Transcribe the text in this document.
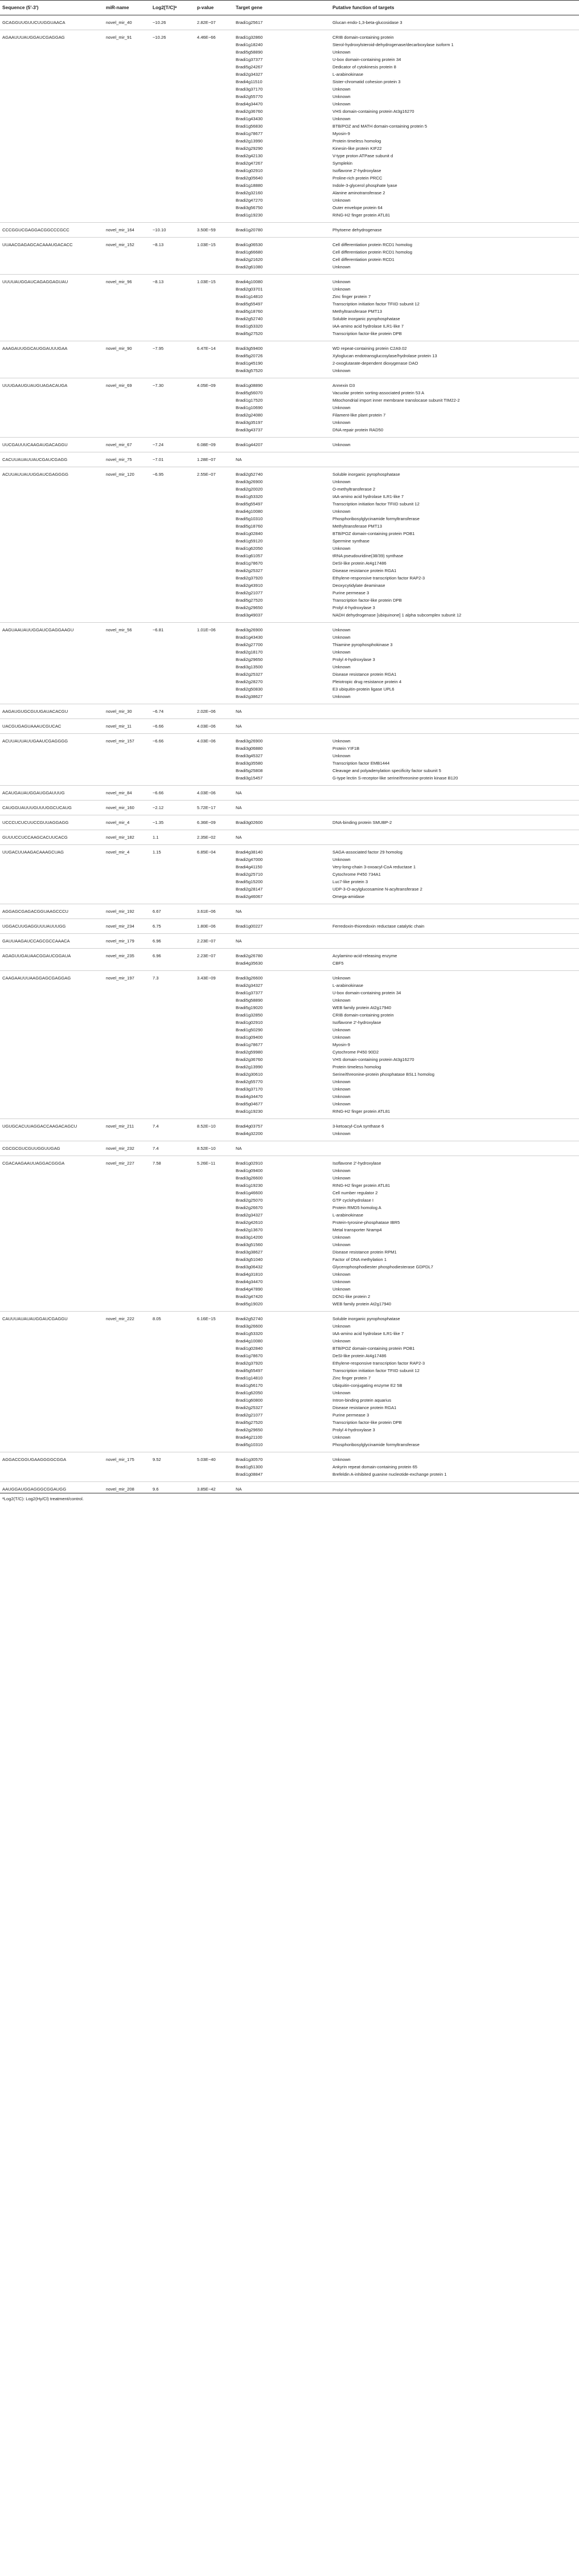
Sequence (5′-3′)	miR-name	Log2[T/C]ᵃ	p-value	Target gene	Putative function of targets
GCAGGUUGUUCUUGGUAACA	novel_mir_40	−10.26	2.82E−07	Bradi1g25617	Glucan endo-1,3-beta-glucosidase 3
AGAAUUUAUGGAUCGAGGAG	novel_mir_91	−10.26	4.46E−66	Bradi1g32860	CRIB domain-containing protein
				Bradi1g18240	Sterol-hydroxylsteroid-dehydrogenase/decarboxylase isoform 1
				Bradi5g58890	Unknown
				Bradi1g37377	U-box domain-containing protein 34
				Bradi5g24267	Dedicator of cytokinesis protein 8
				Bradi2g34327	L-arabinokinase
				Bradi4g11510	Sister-chromatid cohesion protein 3
				Bradi3g37170	Unknown
				Bradi2g55770	Unknown
				Bradi4g34470	Unknown
				Bradi2g36760	VHS domain-containing protein At3g16270
				Bradi1g43430	Unknown
				Bradi1g56830	BTB/POZ and MATH domain-containing protein 5
				Bradi1g78677	Myosin-9
				Bradi2g13990	Protein timeless homolog
				Bradi2g29290	Kinesin-like protein KIF22
				Bradi2g42130	V-type proton ATPase subunit d
				Bradi2g47267	Symplekin
				Bradi1g02910	Isoflavone 2′-hydroxylase
				Bradi2g05640	Proline-rich protein PRCC
				Bradi1g18880	Indole-3-glycerol phosphate lyase
				Bradi2g32160	Alanine aminotransferase 2
				Bradi2g47270	Unknown
				Bradi3g56750	Outer envelope protein 64
				Bradi1g19230	RING-H2 finger protein ATL81
CCCGGUCGAGGACGGCCCGCC	novel_mir_164	−10.10	3.50E−59	Bradi1g20780	Phytoene dehydrogenase
UUAACGAGAGCACAAAUGACACC	novel_mir_152	−8.13	1.03E−15	Bradi1g06530	Cell differentiation protein RCD1 homolog
				Bradi1g66680	Cell differentiation protein RCD1 homolog
				Bradi2g21620	Cell differentiation protein RCD1
				Bradi2g61080	Unknown
UUUUAUGGAUCAGAGGAGUAU	novel_mir_96	−8.13	1.03E−15	Bradi4g10080	Unknown
				Bradi2g03701	Unknown
				Bradi1g14810	Zinc finger protein 7
				Bradi5g55497	Transcription initiation factor TFIID subunit 12
				Bradi5g18760	Methyltransferase PMT13
				Bradi2g52740	Soluble inorganic pyrophosphatase
				Bradi1g53320	IAA-amino acid hydrolase ILR1-like 7
				Bradi5g27520	Transcription factor-like protein DPB
AAAGAUUGGCAUGGAUUUGAA	novel_mir_90	−7.95	6.47E−14	Bradi3g59400	WD repeat-containing protein C2A9.02
				Bradi5g20726	Xyloglucan endotransglucosylase/hydrolase protein 13
				Bradi1g45190	2-oxoglutarate-dependent dioxygenase DAO
				Bradi3g57520	Unknown
UUUGAAUGUAUGUAGACAUGA	novel_mir_69	−7.30	4.05E−09	Bradi1g08890	Annexin D3
				Bradi5g56070	Vacuolar protein sorting-associated protein 53 A
				Bradi1g17520	Mitochondrial import inner membrane translocase subunit TIM22-2
				Bradi1g10690	Unknown
				Bradi2g24080	Filament-like plant protein 7
				Bradi3g35197	Unknown
				Bradi3g43737	DNA repair protein RAD50
UUCGAUUUCAAGAUGACAGGU	novel_mir_67	−7.24	6.08E−09	Bradi1g44207	Unknown
CACUUAUAUUAUCGAUCGAGG	novel_mir_75	−7.01	1.28E−07	NA	
ACUUAUUAUUGGAUCGAGGGG	novel_mir_120	−6.95	2.55E−07	Bradi2g52740	Soluble inorganic pyrophosphatase
				Bradi3g26900	Unknown
				Bradi2g20020	O-methyltransferase 2
				Bradi1g53320	IAA-amino acid hydrolase ILR1-like 7
				Bradi5g55497	Transcription initiation factor TFIID subunit 12
				Bradi4g10080	Unknown
				Bradi5g10310	Phosphoribosylglycinamide formyltransferase
				Bradi5g18760	Methyltransferase PMT13
				Bradi1g02840	BTB/POZ domain-containing protein POB1
				Bradi1g59120	Spermine synthase
				Bradi1g62050	Unknown
				Bradi1g61057	tRNA pseudouridine(38/39) synthase
				Bradi1g78670	DeSI-like protein At4g17486
				Bradi2g25327	Disease resistance protein RGA1
				Bradi2g37920	Ethylene-responsive transcription factor RAP2-3
				Bradi2g43910	Deoxycytidylate deaminase
				Bradi2g21077	Purine permease 3
				Bradi5g27520	Transcription factor-like protein DPB
				Bradi2g29650	Prolyl 4-hydroxylase 3
				Bradi3g49037	NADH dehydrogenase [ubiquinone] 1 alpha subcomplex subunit 12
AAGUAAUAUUGGAUCGAGGAAGU	novel_mir_56	−6.81	1.01E−06	Bradi3g26900	Unknown
				Bradi1g43430	Unknown
				Bradi2g27700	Thiamine pyrophosphokinase 3
				Bradi2g18170	Unknown
				Bradi2g29650	Prolyl 4-hydroxylase 3
				Bradi3g13500	Unknown
				Bradi2g25327	Disease resistance protein RGA1
				Bradi2g28270	Pleiotropic drug resistance protein 4
				Bradi2g50830	E3 ubiquitin-protein ligase UPL6
				Bradi2g38627	Unknown
AAGAUGUGCGUUGAUACACGU	novel_mir_30	−6.74	2.02E−06	NA	
UACGUGAGUAAAUCGUCAC	novel_mir_11	−6.66	4.03E−06	NA	
ACUUAUUAUUGAAUCGAGGGG	novel_mir_157	−6.66	4.03E−06	Bradi3g26900	Unknown
				Bradi3g06880	Protein YIF1B
				Bradi3g45327	Unknown
				Bradi3g35580	Transcription factor EMB1444
				Bradi5g25808	Cleavage and polyadenylation specificity factor subunit 5
				Bradi3g15457	G-type lectin S-receptor-like serine/threonine-protein kinase B120
ACAUGAUAUGGAUGGAUUUG	novel_mir_84	−6.66	4.03E−06	NA	
CAUGGUAUUUGUUUGGCUCAUG	novel_mir_160	−2.12	5.72E−17	NA	
UCCCUCUCUUCCGUUAGGAGG	novel_mir_4	−1.35	6.36E−09	Bradi3g02600	DNA-binding protein SMUBP-2
GUUUCCUCCAAGCACUUCACG	novel_mir_182	1.1	2.35E−02	NA	
UUGACUUAAGACAAAGCUAG	novel_mir_4	1.15	6.85E−04	Bradi4g38140	SAGA-associated factor 29 homolog
				Bradi2g47000	Unknown
				Bradi4g41150	Very-long-chain 3-oxoacyl-CoA reductase 1
				Bradi2g25710	Cytochrome P450 734A1
				Bradi5g15200	Luc7-like protein 3
				Bradi2g28147	UDP-3-O-acylglucosamine N-acyltransferase 2
				Bradi2g46067	Omega-amidase
AGGAGCGAGACGGUAAGCCCU	novel_mir_192	6.67	3.61E−06	NA	
UGGACUUGAGGUUUAUUUGG	novel_mir_234	6.75	1.80E−06	Bradi1g00227	Ferredoxin-thioredoxin reductase catalytic chain
GAUUAAGAUCCAGCGCCAAACA	novel_mir_179	6.96	2.23E−07	NA	
AGAGUUGAUAACGGAUCGGAUA	novel_mir_235	6.96	2.23E−07	Bradi2g26780	Acylamino-acid-releasing enzyme
				Bradi4g35630	CBF5
CAAGAAUUUAAGGAGCGAGGAG	novel_mir_197	7.3	3.43E−09	Bradi3g26600	Unknown
				Bradi2g34327	L-arabinokinase
				Bradi1g37377	U-box domain-containing protein 34
				Bradi5g58890	Unknown
				Bradi5g19020	WEB family protein At2g17940
				Bradi1g32850	CRIB domain-containing protein
				Bradi1g02910	Isoflavone 2′-hydroxylase
				Bradi1g50290	Unknown
				Bradi1g09400	Unknown
				Bradi1g78677	Myosin-9
				Bradi2g59980	Cytochrome P450 90D2
				Bradi2g36760	VHS domain-containing protein At3g16270
				Bradi2g13990	Protein timeless homolog
				Bradi2g30610	Serine/threonine-protein phosphatase BSL1 homolog
				Bradi2g55770	Unknown
				Bradi3g37170	Unknown
				Bradi4g34470	Unknown
				Bradi5g04677	Unknown
				Bradi1g19230	RING-H2 finger protein ATL81
UGUGCACUUAGGACCAAGACAGCU	novel_mir_211	7.4	8.52E−10	Bradi4g03757	3-ketoacyl-CoA synthase 6
				Bradi4g32200	Unknown
CGCGCGUCGUUGGUUGAG	novel_mir_232	7.4	8.52E−10	NA	
CGACAAGAAUUAGGACGGGA	novel_mir_227	7.58	5.26E−11	Bradi1g02910	Isoflavone 2′-hydroxylase
				Bradi1g09400	Unknown
				Bradi3g26600	Unknown
				Bradi1g19230	RING-H2 finger protein ATL81
				Bradi1g46600	Cell number regulator 2
				Bradi2g25070	GTP cyclohydrolase I
				Bradi2g26670	Protein RMD5 homolog A
				Bradi2g34327	L-arabinokinase
				Bradi2g42610	Protein-tyrosine-phosphatase IBR5
				Bradi2g13670	Metal transporter Nramp4
				Bradi3g14200	Unknown
				Bradi3g51560	Unknown
				Bradi3g38627	Disease resistance protein RPM1
				Bradi3g51040	Factor of DNA methylation 1
				Bradi3g06432	Glycerophosphodiester phosphodiesterase GDPDL7
				Bradi4g31810	Unknown
				Bradi4g34470	Unknown
				Bradi4g47890	Unknown
				Bradi2g47420	DCN1-like protein 2
				Bradi5g19020	WEB family protein At2g17940
CAUUUAUAUAUGGAUCGAGGU	novel_mir_222	8.05	6.16E−15	Bradi2g52740	Soluble inorganic pyrophosphatase
				Bradi3g26600	Unknown
				Bradi1g53320	IAA-amino acid hydrolase ILR1-like 7
				Bradi4g10080	Unknown
				Bradi1g02840	BTB/POZ domain-containing protein POB1
				Bradi1g78670	DeSI-like protein At4g17486
				Bradi2g37920	Ethylene-responsive transcription factor RAP2-3
				Bradi5g55497	Transcription initiation factor TFIID subunit 12
				Bradi1g14810	Zinc finger protein 7
				Bradi1g56170	Ubiquitin-conjugating enzyme E2 5B
				Bradi1g62050	Unknown
				Bradi1g60800	Intron-binding protein aquarius
				Bradi2g25327	Disease resistance protein RGA1
				Bradi2g21077	Purine permease 3
				Bradi5g27520	Transcription factor-like protein DPB
				Bradi2g29650	Prolyl 4-hydroxylase 3
				Bradi4g21100	Unknown
				Bradi5g10310	Phosphoribosylglycinamide formyltransferase
AGGACCGGUGAAGGGGCGGA	novel_mir_175	9.52	5.03E−40	Bradi1g30570	Unknown
				Bradi1g51300	Ankyrin repeat domain-containing protein 65
				Bradi1g08847	Brefeldin A-inhibited guanine nucleotide-exchange protein 1
AAUGGAUGGAGGGCGGAUGG	novel_mir_208	9.6	3.85E−42	NA	
ᵃLog2(T/C): Log2(Hy/Cl) treatment/control.
